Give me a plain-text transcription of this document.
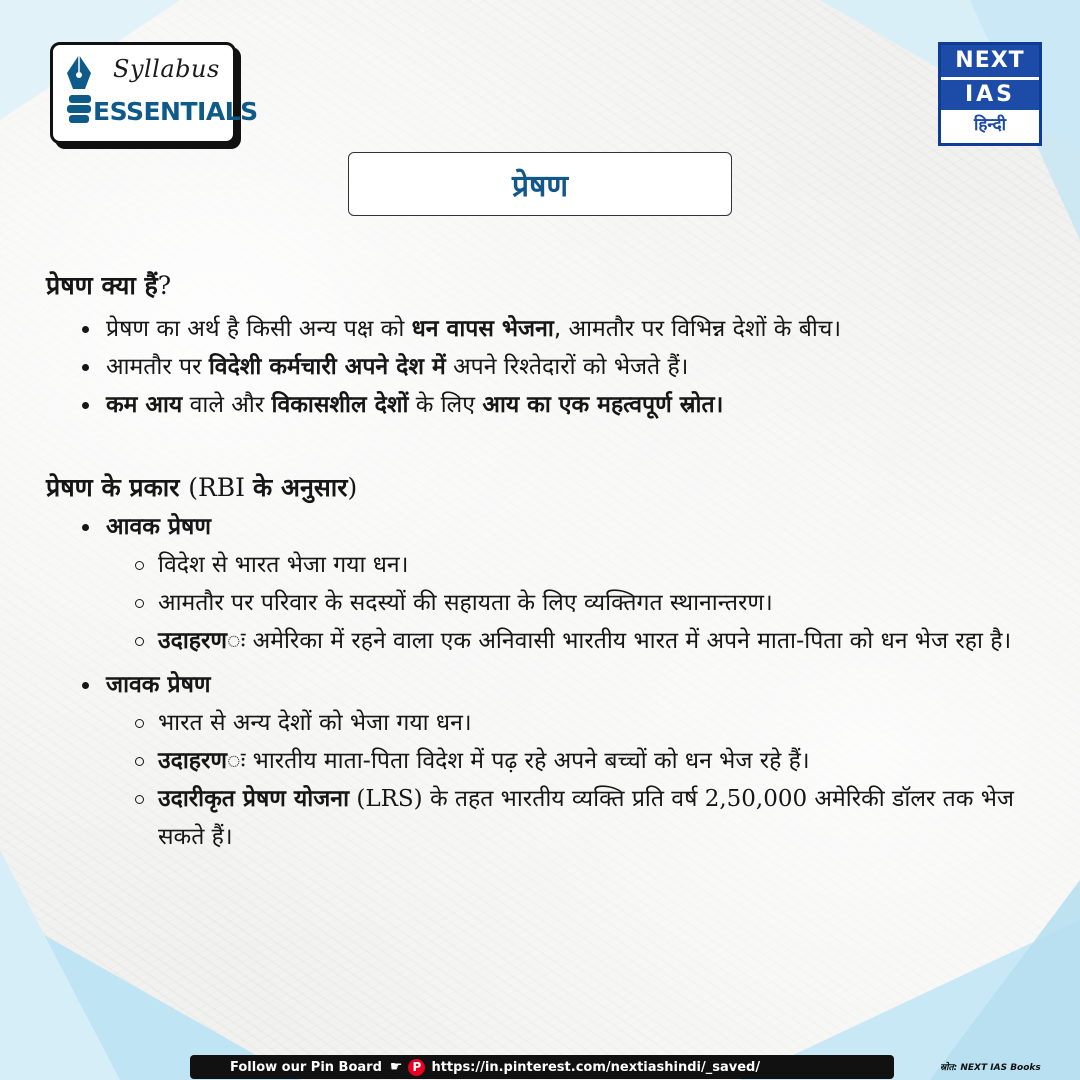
Syllabus
ESSENTIALS
NEXT
IAS
हिन्दी
प्रेषण

प्रेषण क्या हैं?

प्रेषण का अर्थ है किसी अन्य पक्ष को धन वापस भेजना, आमतौर पर विभिन्न देशों के बीच।
आमतौर पर विदेशी कर्मचारी अपने देश में अपने रिश्तेदारों को भेजते हैं।
कम आय वाले और विकासशील देशों के लिए आय का एक महत्वपूर्ण स्रोत।

प्रेषण के प्रकार (RBI के अनुसार)

आवक प्रेषण
विदेश से भारत भेजा गया धन।
आमतौर पर परिवार के सदस्यों की सहायता के लिए व्यक्तिगत स्थानान्तरण।
उदाहरणः अमेरिका में रहने वाला एक अनिवासी भारतीय भारत में अपने माता-पिता को धन भेज रहा है।
जावक प्रेषण
भारत से अन्य देशों को भेजा गया धन।
उदाहरणः भारतीय माता-पिता विदेश में पढ़ रहे अपने बच्चों को धन भेज रहे हैं।
उदारीकृत प्रेषण योजना (LRS) के तहत भारतीय व्यक्ति प्रति वर्ष 2,50,000 अमेरिकी डॉलर तक भेज सकते हैं।
Follow our Pin Board ☛ P https://in.pinterest.com/nextiashindi/_saved/	स्रोत: NEXT IAS Books
